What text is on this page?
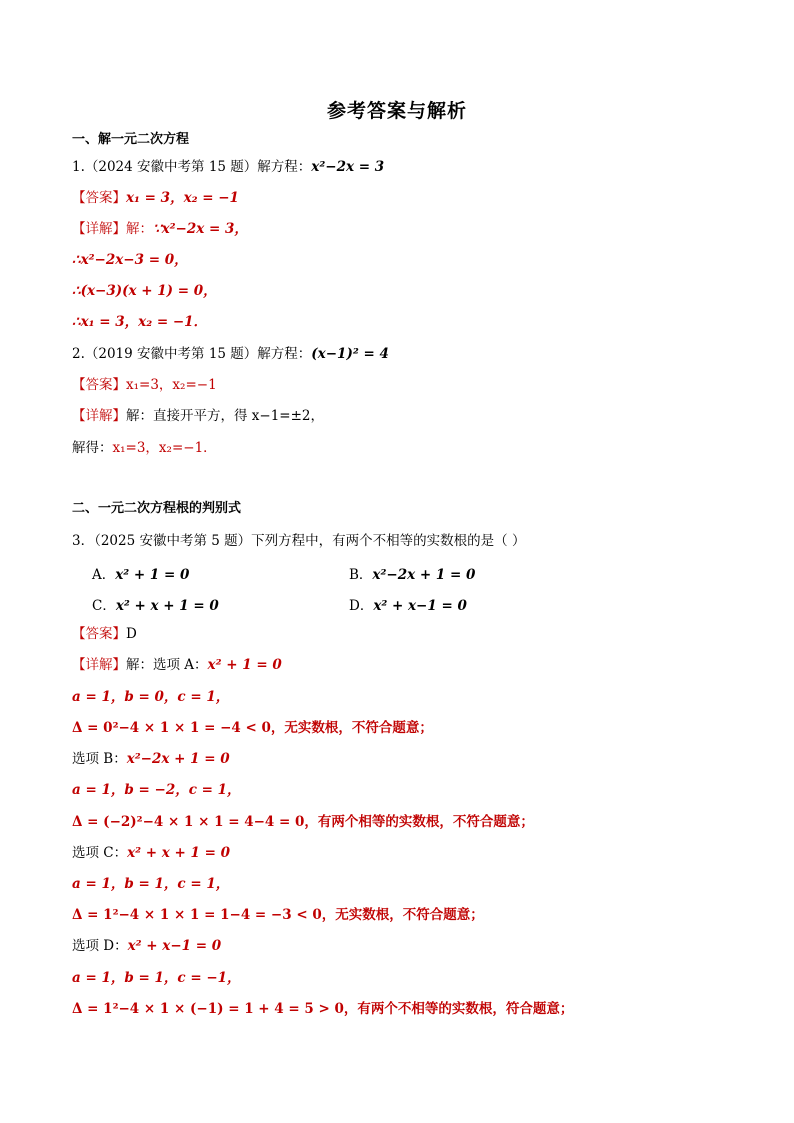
参考答案与解析
一、解一元二次方程
1.（2024 安徽中考第 15 题）解方程：x²−2x = 3
【答案】x₁ = 3，x₂ = −1
【详解】解：∵x²−2x = 3，
∴x²−2x−3 = 0，
∴(x−3)(x + 1) = 0，
∴x₁ = 3，x₂ = −1．
2.（2019 安徽中考第 15 题）解方程：(x−1)² = 4
【答案】x₁=3，x₂=−1
【详解】解：直接开平方，得 x−1=±2，
解得：x₁=3，x₂=−1．
二、一元二次方程根的判别式
3．（2025 安徽中考第 5 题）下列方程中，有两个不相等的实数根的是（ ）
A．x² + 1 = 0	B．x²−2x + 1 = 0
C．x² + x + 1 = 0	D．x² + x−1 = 0
【答案】D
【详解】解：选项 A：x² + 1 = 0
a = 1，b = 0，c = 1，
Δ = 0²−4 × 1 × 1 = −4 < 0，无实数根，不符合题意；
选项 B：x²−2x + 1 = 0
a = 1，b = −2，c = 1，
Δ = (−2)²−4 × 1 × 1 = 4−4 = 0，有两个相等的实数根，不符合题意；
选项 C：x² + x + 1 = 0
a = 1，b = 1，c = 1，
Δ = 1²−4 × 1 × 1 = 1−4 = −3 < 0，无实数根，不符合题意；
选项 D：x² + x−1 = 0
a = 1，b = 1，c = −1，
Δ = 1²−4 × 1 × (−1) = 1 + 4 = 5 > 0，有两个不相等的实数根，符合题意；
